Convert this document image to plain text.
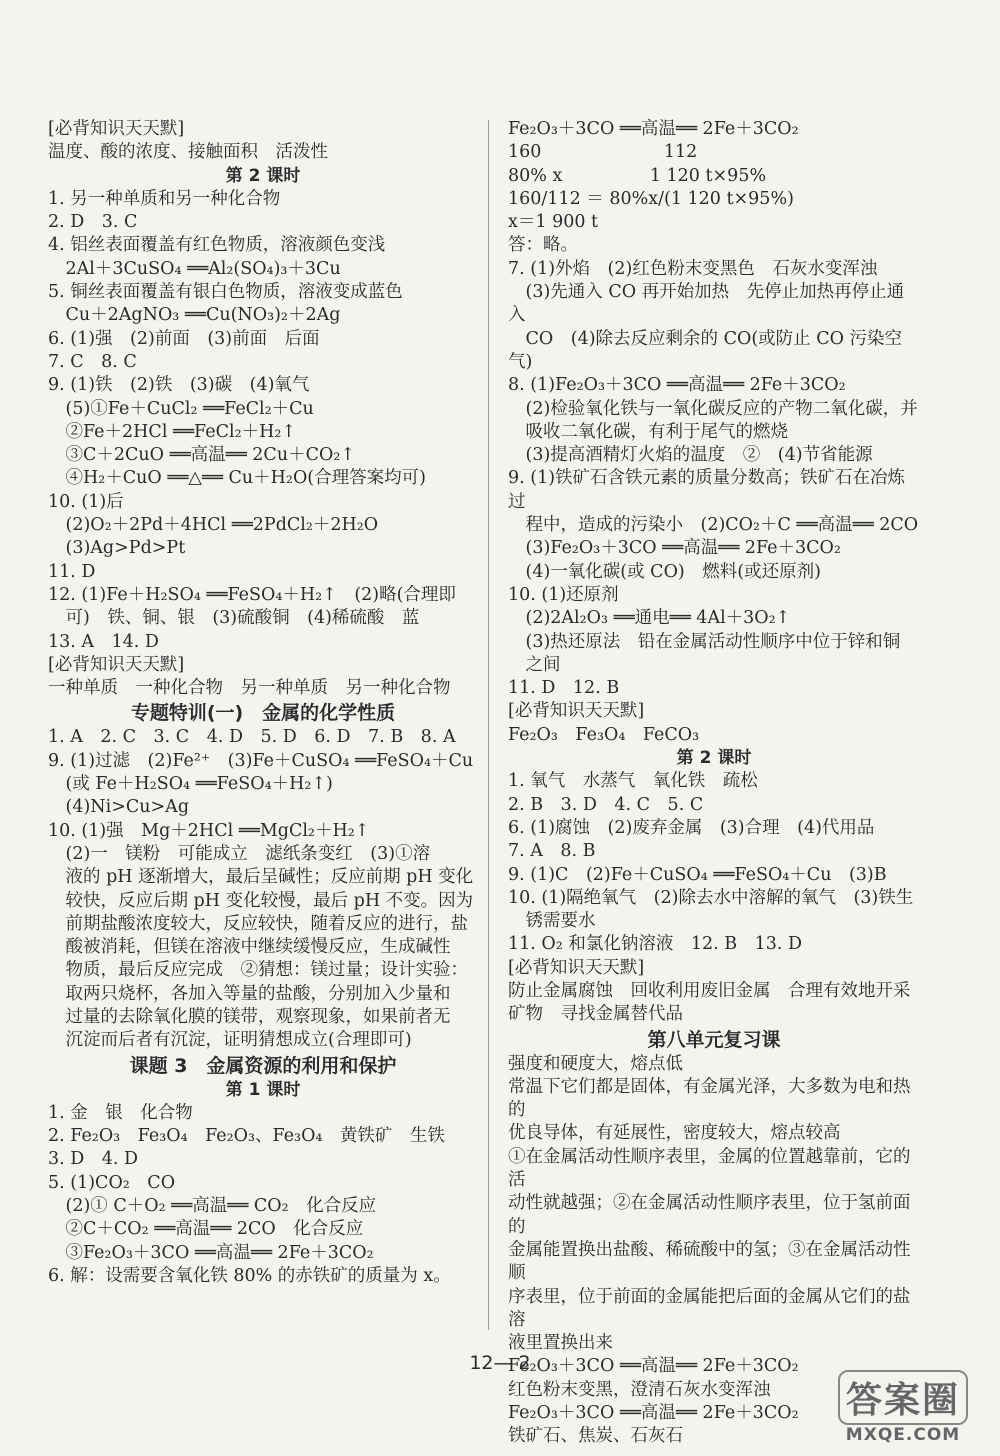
[必背知识天天默]
温度、酸的浓度、接触面积　活泼性
第 2 课时
1. 另一种单质和另一种化合物
2. D　3. C
4. 铝丝表面覆盖有红色物质，溶液颜色变浅
　2Al＋3CuSO₄ ══Al₂(SO₄)₃＋3Cu
5. 铜丝表面覆盖有银白色物质，溶液变成蓝色
　Cu＋2AgNO₃ ══Cu(NO₃)₂＋2Ag
6. (1)强　(2)前面　(3)前面　后面
7. C　8. C
9. (1)铁　(2)铁　(3)碳　(4)氧气
　(5)①Fe＋CuCl₂ ══FeCl₂＋Cu
　②Fe＋2HCl ══FeCl₂＋H₂↑
　③C＋2CuO ══高温══ 2Cu＋CO₂↑
　④H₂＋CuO ══△══ Cu＋H₂O(合理答案均可)
10. (1)后
　(2)O₂＋2Pd＋4HCl ══2PdCl₂＋2H₂O
　(3)Ag>Pd>Pt
11. D
12. (1)Fe＋H₂SO₄ ══FeSO₄＋H₂↑　(2)略(合理即
　可)　铁、铜、银　(3)硫酸铜　(4)稀硫酸　蓝
13. A　14. D
[必背知识天天默]
一种单质　一种化合物　另一种单质　另一种化合物
专题特训(一)　金属的化学性质
1. A　2. C　3. C　4. D　5. D　6. D　7. B　8. A
9. (1)过滤　(2)Fe²⁺　(3)Fe＋CuSO₄ ══FeSO₄＋Cu
　(或 Fe＋H₂SO₄ ══FeSO₄＋H₂↑)
　(4)Ni>Cu>Ag
10. (1)强　Mg＋2HCl ══MgCl₂＋H₂↑
　(2)一　镁粉　可能成立　滤纸条变红　(3)①溶
　液的 pH 逐渐增大，最后呈碱性；反应前期 pH 变化
　较快，反应后期 pH 变化较慢，最后 pH 不变。因为
　前期盐酸浓度较大，反应较快，随着反应的进行，盐
　酸被消耗，但镁在溶液中继续缓慢反应，生成碱性
　物质，最后反应完成　②猜想：镁过量；设计实验：
　取两只烧杯，各加入等量的盐酸，分别加入少量和
　过量的去除氧化膜的镁带，观察现象，如果前者无
　沉淀而后者有沉淀，证明猜想成立(合理即可)
课题 3　金属资源的利用和保护
第 1 课时
1. 金　银　化合物
2. Fe₂O₃　Fe₃O₄　Fe₂O₃、Fe₃O₄　黄铁矿　生铁
3. D　4. D
5. (1)CO₂　CO
　(2)① C＋O₂ ══高温══ CO₂　化合反应
　②C＋CO₂ ══高温══ 2CO　化合反应
　③Fe₂O₃＋3CO ══高温══ 2Fe＋3CO₂
6. 解：设需要含氧化铁 80% 的赤铁矿的质量为 x。
Fe₂O₃＋3CO ══高温══ 2Fe＋3CO₂
160　　　　　　　112
80% x　　　　　1 120 t×95%
160/112 ＝ 80%x/(1 120 t×95%)
x＝1 900 t
答：略。
7. (1)外焰　(2)红色粉末变黑色　石灰水变浑浊
　(3)先通入 CO 再开始加热　先停止加热再停止通入
　CO　(4)除去反应剩余的 CO(或防止 CO 污染空气)
8. (1)Fe₂O₃＋3CO ══高温══ 2Fe＋3CO₂
　(2)检验氧化铁与一氧化碳反应的产物二氧化碳，并
　吸收二氧化碳，有利于尾气的燃烧
　(3)提高酒精灯火焰的温度　②　(4)节省能源
9. (1)铁矿石含铁元素的质量分数高；铁矿石在冶炼过
　程中，造成的污染小　(2)CO₂＋C ══高温══ 2CO
　(3)Fe₂O₃＋3CO ══高温══ 2Fe＋3CO₂
　(4)一氧化碳(或 CO)　燃料(或还原剂)
10. (1)还原剂
　(2)2Al₂O₃ ══通电══ 4Al＋3O₂↑
　(3)热还原法　铅在金属活动性顺序中位于锌和铜
　之间
11. D　12. B
[必背知识天天默]
Fe₂O₃　Fe₃O₄　FeCO₃
第 2 课时
1. 氧气　水蒸气　氧化铁　疏松
2. B　3. D　4. C　5. C
6. (1)腐蚀　(2)废弃金属　(3)合理　(4)代用品
7. A　8. B
9. (1)C　(2)Fe＋CuSO₄ ══FeSO₄＋Cu　(3)B
10. (1)隔绝氧气　(2)除去水中溶解的氧气　(3)铁生
　锈需要水
11. O₂ 和氯化钠溶液　12. B　13. D
[必背知识天天默]
防止金属腐蚀　回收利用废旧金属　合理有效地开采
矿物　寻找金属替代品
第八单元复习课
强度和硬度大，熔点低
常温下它们都是固体，有金属光泽，大多数为电和热的
优良导体，有延展性，密度较大，熔点较高
①在金属活动性顺序表里，金属的位置越靠前，它的活
动性就越强；②在金属活动性顺序表里，位于氢前面的
金属能置换出盐酸、稀硫酸中的氢；③在金属活动性顺
序表里，位于前面的金属能把后面的金属从它们的盐溶
液里置换出来
Fe₂O₃＋3CO ══高温══ 2Fe＋3CO₂
红色粉末变黑，澄清石灰水变浑浊
Fe₂O₃＋3CO ══高温══ 2Fe＋3CO₂
铁矿石、焦炭、石灰石
12— 2
答案圈
MXQE.COM
